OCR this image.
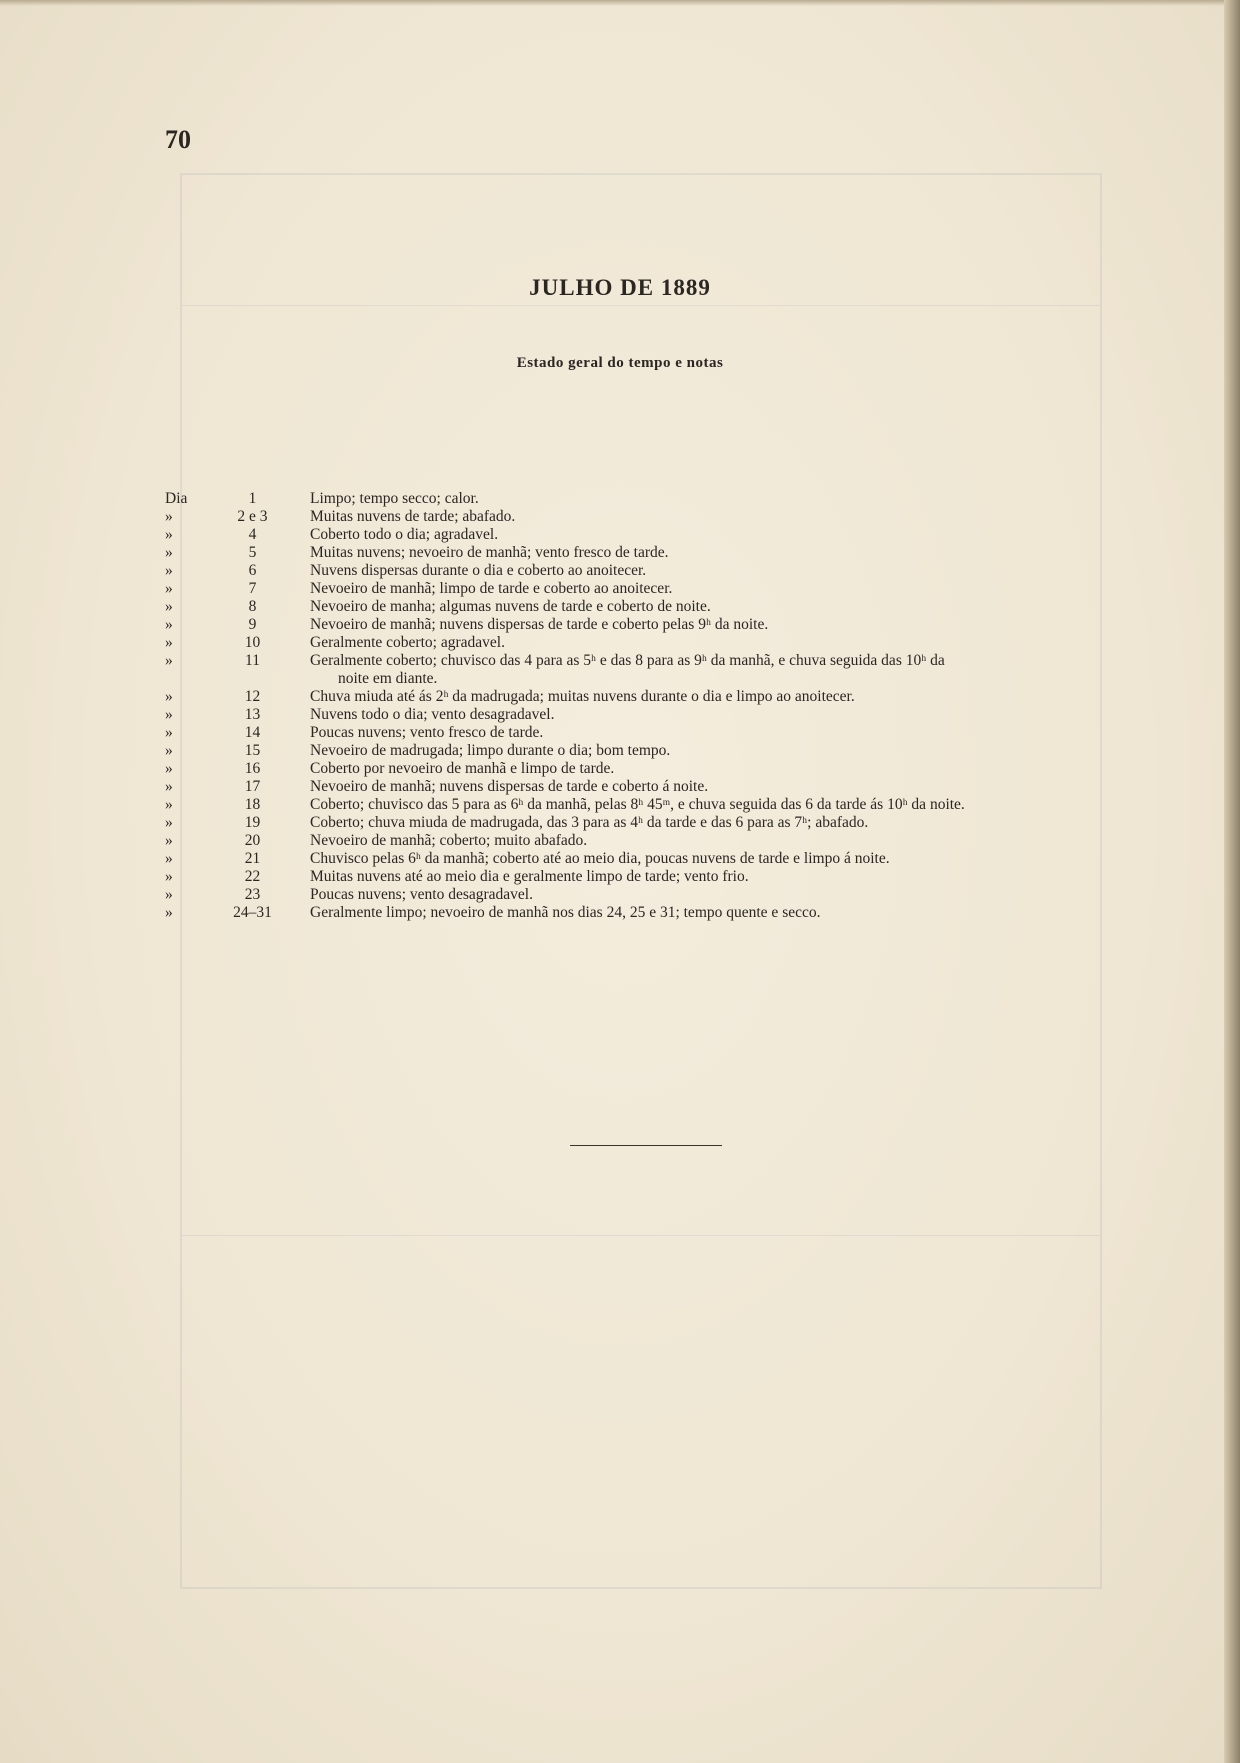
70
JULHO DE 1889
Estado geral do tempo e notas
Dia	1	Limpo; tempo secco; calor.
»	2 e 3	Muitas nuvens de tarde; abafado.
»	4	Coberto todo o dia; agradavel.
»	5	Muitas nuvens; nevoeiro de manhã; vento fresco de tarde.
»	6	Nuvens dispersas durante o dia e coberto ao anoitecer.
»	7	Nevoeiro de manhã; limpo de tarde e coberto ao anoitecer.
»	8	Nevoeiro de manha; algumas nuvens de tarde e coberto de noite.
»	9	Nevoeiro de manhã; nuvens dispersas de tarde e coberto pelas 9ʰ da noite.
»	10	Geralmente coberto; agradavel.
»	11	Geralmente coberto; chuvisco das 4 para as 5ʰ e das 8 para as 9ʰ da manhã, e chuva seguida das 10ʰ da
noite em diante.
»	12	Chuva miuda até ás 2ʰ da madrugada; muitas nuvens durante o dia e limpo ao anoitecer.
»	13	Nuvens todo o dia; vento desagradavel.
»	14	Poucas nuvens; vento fresco de tarde.
»	15	Nevoeiro de madrugada; limpo durante o dia; bom tempo.
»	16	Coberto por nevoeiro de manhã e limpo de tarde.
»	17	Nevoeiro de manhã; nuvens dispersas de tarde e coberto á noite.
»	18	Coberto; chuvisco das 5 para as 6ʰ da manhã, pelas 8ʰ 45ᵐ, e chuva seguida das 6 da tarde ás 10ʰ da noite.
»	19	Coberto; chuva miuda de madrugada, das 3 para as 4ʰ da tarde e das 6 para as 7ʰ; abafado.
»	20	Nevoeiro de manhã; coberto; muito abafado.
»	21	Chuvisco pelas 6ʰ da manhã; coberto até ao meio dia, poucas nuvens de tarde e limpo á noite.
»	22	Muitas nuvens até ao meio dia e geralmente limpo de tarde; vento frio.
»	23	Poucas nuvens; vento desagradavel.
»	24–31	Geralmente limpo; nevoeiro de manhã nos dias 24, 25 e 31; tempo quente e secco.
